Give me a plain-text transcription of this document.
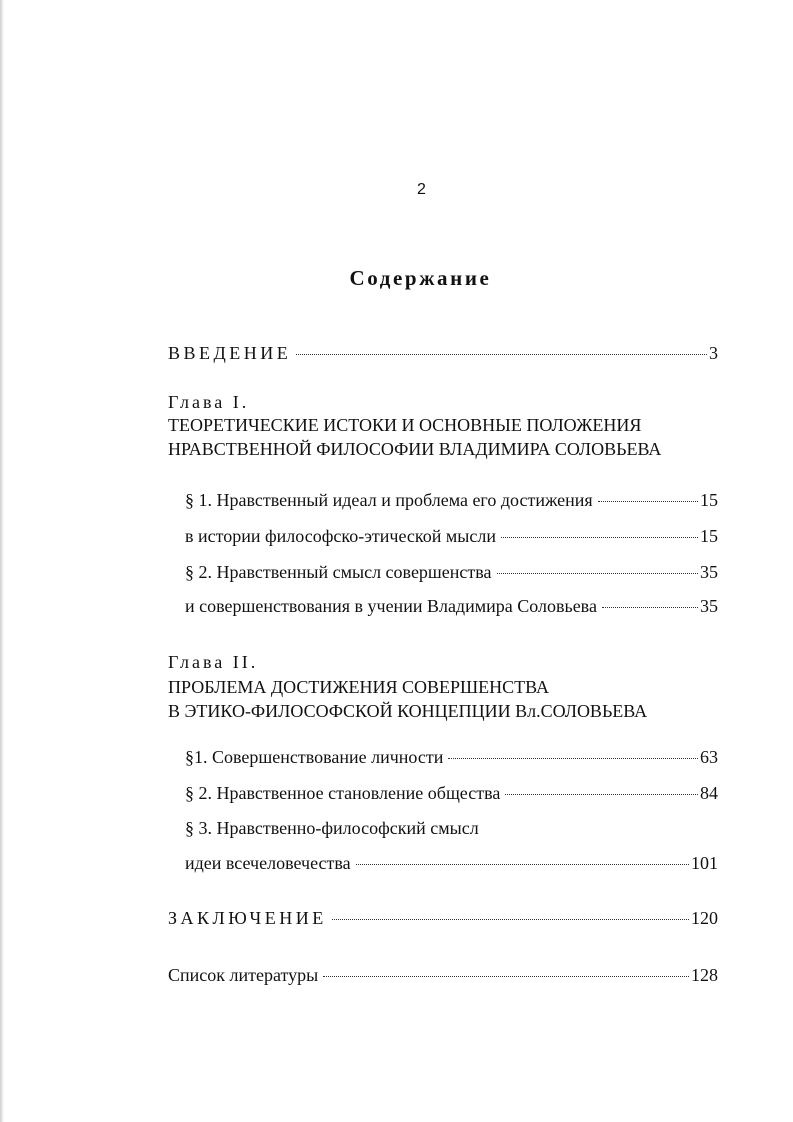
2
Содержание
ВВЕДЕНИЕ	3
Глава I.
ТЕОРЕТИЧЕСКИЕ ИСТОКИ И ОСНОВНЫЕ ПОЛОЖЕНИЯ
НРАВСТВЕННОЙ ФИЛОСОФИИ ВЛАДИМИРА СОЛОВЬЕВА
§ 1. Нравственный идеал и проблема его достижения	15
в истории философско-этической мысли	15
§ 2. Нравственный смысл совершенства	35
и совершенствования в учении Владимира Соловьева	35
Глава II.
ПРОБЛЕМА ДОСТИЖЕНИЯ СОВЕРШЕНСТВА
В ЭТИКО-ФИЛОСОФСКОЙ КОНЦЕПЦИИ Вл.СОЛОВЬЕВА
§1. Совершенствование личности	63
§ 2. Нравственное становление общества	84
§ 3. Нравственно-философский смысл
идеи всечеловечества	101
ЗАКЛЮЧЕНИЕ	120
Список литературы	128
